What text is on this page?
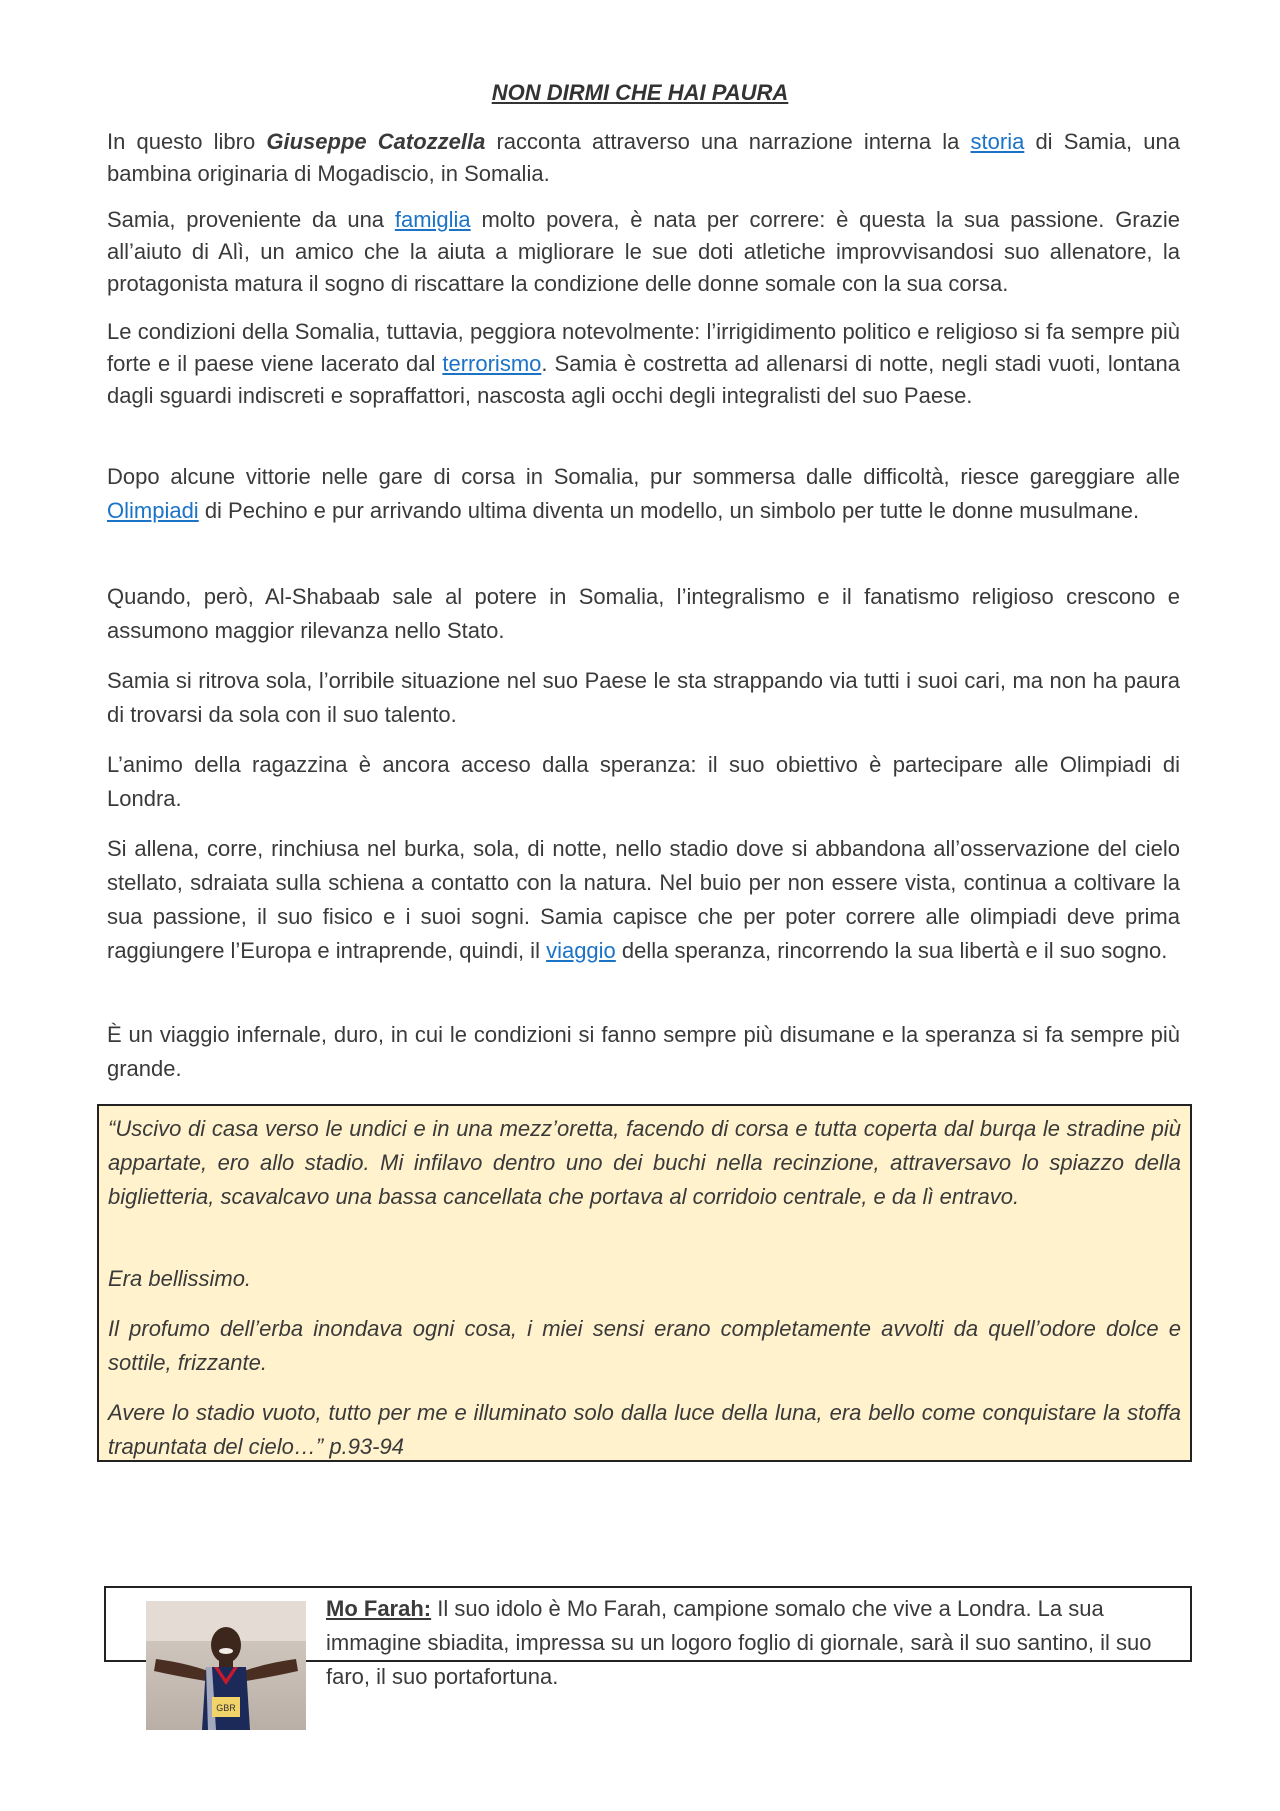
NON DIRMI CHE HAI PAURA

In questo libro Giuseppe Catozzella racconta attraverso una narrazione interna la storia di Samia, una bambina originaria di Mogadiscio, in Somalia.

Samia, proveniente da una famiglia molto povera, è nata per correre: è questa la sua passione. Grazie all’aiuto di Alì, un amico che la aiuta a migliorare le sue doti atletiche improvvisandosi suo allenatore, la protagonista matura il sogno di riscattare la condizione delle donne somale con la sua corsa.

Le condizioni della Somalia, tuttavia, peggiora notevolmente: l’irrigidimento politico e religioso si fa sempre più forte e il paese viene lacerato dal terrorismo. Samia è costretta ad allenarsi di notte, negli stadi vuoti, lontana dagli sguardi indiscreti e sopraffattori, nascosta agli occhi degli integralisti del suo Paese.

Dopo alcune vittorie nelle gare di corsa in Somalia, pur sommersa dalle difficoltà, riesce gareggiare alle Olimpiadi di Pechino e pur arrivando ultima diventa un modello, un simbolo per tutte le donne musulmane.

Quando, però, Al-Shabaab sale al potere in Somalia, l’integralismo e il fanatismo religioso crescono e assumono maggior rilevanza nello Stato.

Samia si ritrova sola, l’orribile situazione nel suo Paese le sta strappando via tutti i suoi cari, ma non ha paura di trovarsi da sola con il suo talento.

L’animo della ragazzina è ancora acceso dalla speranza: il suo obiettivo è partecipare alle Olimpiadi di Londra.

Si allena, corre, rinchiusa nel burka, sola, di notte, nello stadio dove si abbandona all’osservazione del cielo stellato, sdraiata sulla schiena a contatto con la natura. Nel buio per non essere vista, continua a coltivare la sua passione, il suo fisico e i suoi sogni. Samia capisce che per poter correre alle olimpiadi deve prima raggiungere l’Europa e intraprende, quindi, il viaggio della speranza, rincorrendo la sua libertà e il suo sogno.

È un viaggio infernale, duro, in cui le condizioni si fanno sempre più disumane e la speranza si fa sempre più grande.

“Uscivo di casa verso le undici e in una mezz’oretta, facendo di corsa e tutta coperta dal burqa le stradine più appartate, ero allo stadio. Mi infilavo dentro uno dei buchi nella recinzione, attraversavo lo spiazzo della biglietteria, scavalcavo una bassa cancellata che portava al corridoio centrale, e da lì entravo.

Era bellissimo.

Il profumo dell’erba inondava ogni cosa, i miei sensi erano completamente avvolti da quell’odore dolce e sottile, frizzante.

Avere lo stadio vuoto, tutto per me e illuminato solo dalla luce della luna, era bello come conquistare la stoffa trapuntata del cielo…” p.93-94

GBR

Mo Farah: Il suo idolo è Mo Farah, campione somalo che vive a Londra. La sua immagine sbiadita, impressa su un logoro foglio di giornale, sarà il suo santino, il suo faro, il suo portafortuna.
